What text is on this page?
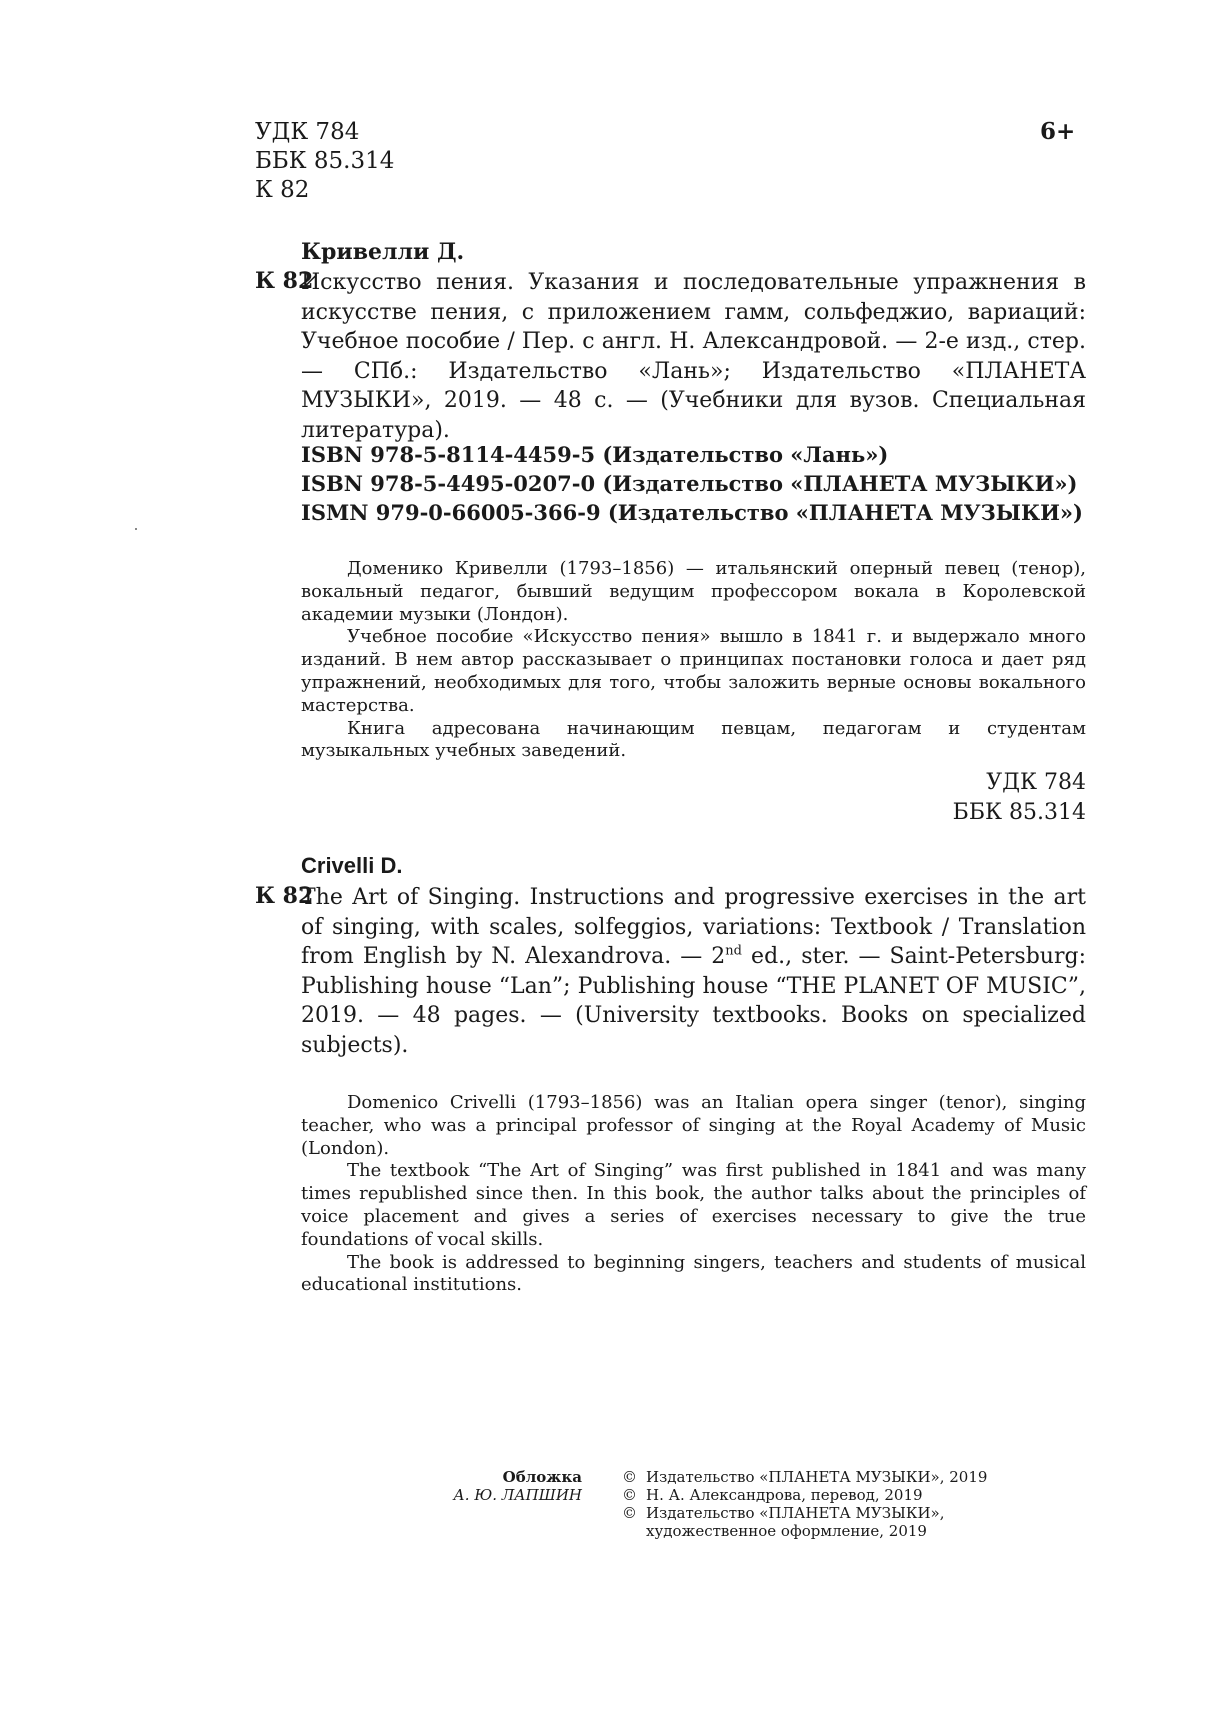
УДК 784
ББК 85.314
К 82
6+
Кривелли Д.
К 82
Искусство пения. Указания и последовательные упражнения в искусстве пения, с приложением гамм, сольфеджио, вариаций: Учебное пособие / Пер. с англ. Н. Александровой. — 2-е изд., стер. — СПб.: Издательство «Лань»; Издательство «ПЛАНЕТА МУЗЫКИ», 2019. — 48 с. — (Учебники для вузов. Специальная литература).
ISBN 978-5-8114-4459-5 (Издательство «Лань»)
ISBN 978-5-4495-0207-0 (Издательство «ПЛАНЕТА МУЗЫКИ»)
ISMN 979-0-66005-366-9 (Издательство «ПЛАНЕТА МУЗЫКИ»)

Доменико Кривелли (1793–1856) — итальянский оперный певец (тенор), вокальный педагог, бывший ведущим профессором вокала в Королевской академии музыки (Лондон).

Учебное пособие «Искусство пения» вышло в 1841 г. и выдержало много изданий. В нем автор рассказывает о принципах постановки голоса и дает ряд упражнений, необходимых для того, чтобы заложить верные основы вокального мастерства.

Книга адресована начинающим певцам, педагогам и студентам музыкальных учебных заведений.

УДК 784
ББК 85.314
Crivelli D.
К 82
The Art of Singing. Instructions and progressive exercises in the art of singing, with scales, solfeggios, variations: Textbook / Translation from English by N. Alexandrova. — 2nd ed., ster. — Saint-Petersburg: Publishing house “Lan”; Publishing house “THE PLANET OF MUSIC”, 2019. — 48 pages. — (University textbooks. Books on specialized subjects).

Domenico Crivelli (1793–1856) was an Italian opera singer (tenor), singing teacher, who was a principal professor of singing at the Royal Academy of Music (London).

The textbook “The Art of Singing” was first published in 1841 and was many times republished since then. In this book, the author talks about the principles of voice placement and gives a series of exercises necessary to give the true foundations of vocal skills.

The book is addressed to beginning singers, teachers and students of musical educational institutions.

Обложка
А. Ю. ЛАПШИН
© Издательство «ПЛАНЕТА МУЗЫКИ», 2019
© Н. А. Александрова, перевод, 2019
© Издательство «ПЛАНЕТА МУЗЫКИ»,
художественное оформление, 2019
